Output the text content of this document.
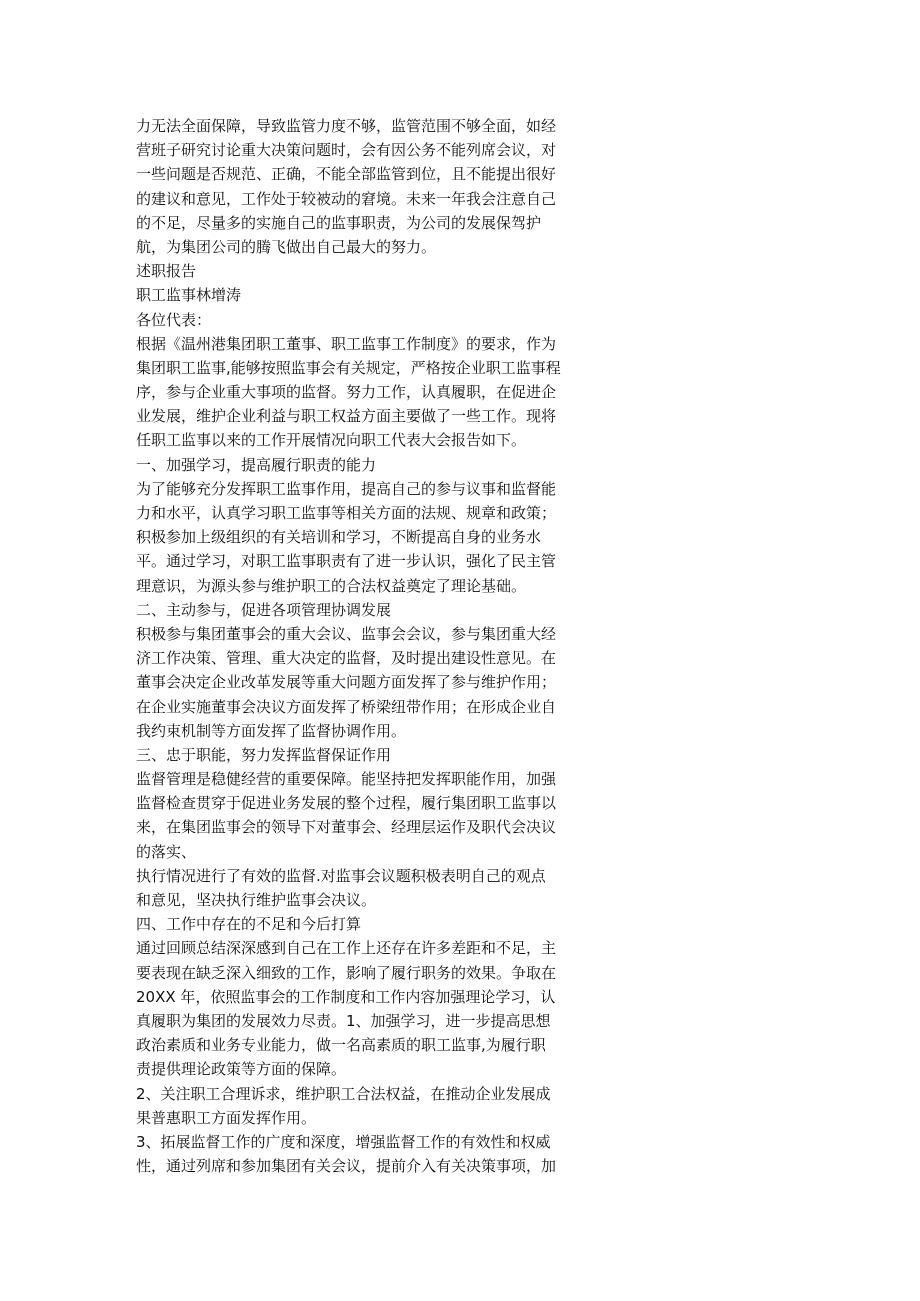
力无法全面保障，导致监管力度不够，监管范围不够全面，如经
营班子研究讨论重大决策问题时，会有因公务不能列席会议，对
一些问题是否规范、正确，不能全部监管到位，且不能提出很好
的建议和意见，工作处于较被动的窘境。未来一年我会注意自己
的不足，尽量多的实施自己的监事职责，为公司的发展保驾护
航，为集团公司的腾飞做出自己最大的努力。
述职报告
职工监事林增涛
各位代表：
根据《温州港集团职工董事、职工监事工作制度》的要求，作为
集团职工监事,能够按照监事会有关规定，严格按企业职工监事程
序，参与企业重大事项的监督。努力工作，认真履职，在促进企
业发展，维护企业利益与职工权益方面主要做了一些工作。现将
任职工监事以来的工作开展情况向职工代表大会报告如下。
一、加强学习，提高履行职责的能力
为了能够充分发挥职工监事作用，提高自己的参与议事和监督能
力和水平，认真学习职工监事等相关方面的法规、规章和政策；
积极参加上级组织的有关培训和学习，不断提高自身的业务水
平。通过学习，对职工监事职责有了进一步认识，强化了民主管
理意识，为源头参与维护职工的合法权益奠定了理论基础。
二、主动参与，促进各项管理协调发展
积极参与集团董事会的重大会议、监事会会议，参与集团重大经
济工作决策、管理、重大决定的监督，及时提出建设性意见。在
董事会决定企业改革发展等重大问题方面发挥了参与维护作用；
在企业实施董事会决议方面发挥了桥梁纽带作用；在形成企业自
我约束机制等方面发挥了监督协调作用。
三、忠于职能，努力发挥监督保证作用
监督管理是稳健经营的重要保障。能坚持把发挥职能作用，加强
监督检查贯穿于促进业务发展的整个过程，履行集团职工监事以
来，在集团监事会的领导下对董事会、经理层运作及职代会决议
的落实、
执行情况进行了有效的监督.对监事会议题积极表明自己的观点
和意见，坚决执行维护监事会决议。
四、工作中存在的不足和今后打算
通过回顾总结深深感到自己在工作上还存在许多差距和不足，主
要表现在缺乏深入细致的工作，影响了履行职务的效果。争取在
20XX 年，依照监事会的工作制度和工作内容加强理论学习，认
真履职为集团的发展效力尽责。1、加强学习，进一步提高思想
政治素质和业务专业能力，做一名高素质的职工监事,为履行职
责提供理论政策等方面的保障。
2、关注职工合理诉求，维护职工合法权益，在推动企业发展成
果普惠职工方面发挥作用。
3、拓展监督工作的广度和深度，增强监督工作的有效性和权威
性，通过列席和参加集团有关会议，提前介入有关决策事项，加
